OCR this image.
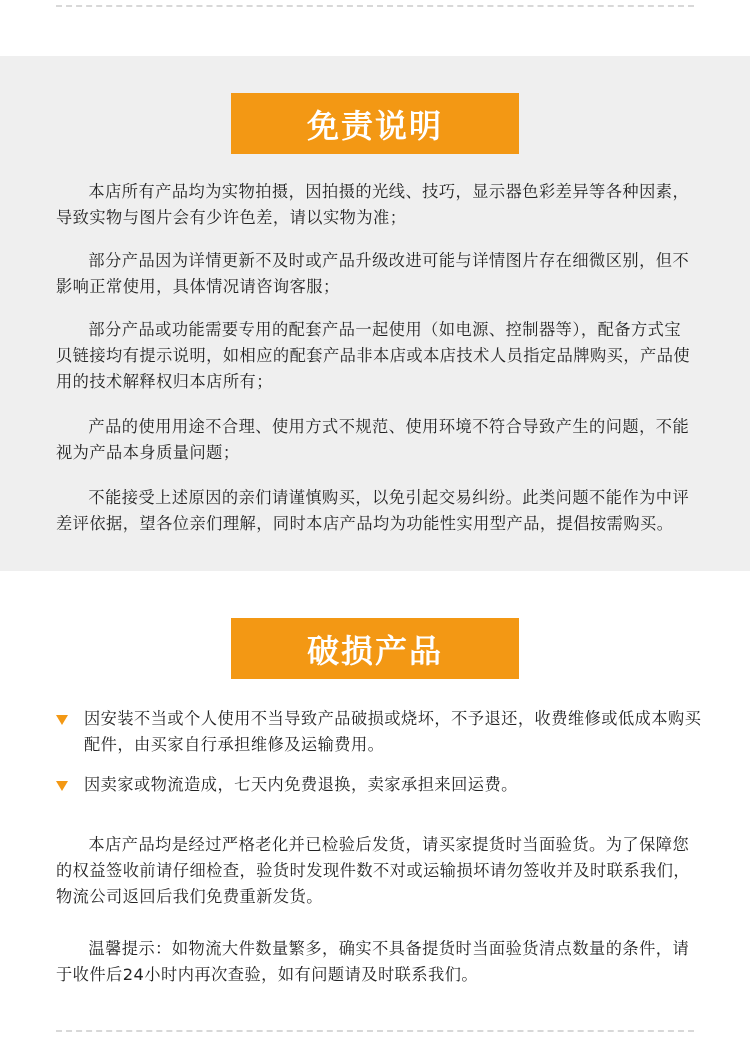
免责说明

本店所有产品均为实物拍摄，因拍摄的光线、技巧，显示器色彩差异等各种因素，导致实物与图片会有少许色差，请以实物为准；

部分产品因为详情更新不及时或产品升级改进可能与详情图片存在细微区别，但不影响正常使用，具体情况请咨询客服；

部分产品或功能需要专用的配套产品一起使用（如电源、控制器等），配备方式宝贝链接均有提示说明，如相应的配套产品非本店或本店技术人员指定品牌购买，产品使用的技术解释权归本店所有；

产品的使用用途不合理、使用方式不规范、使用环境不符合导致产生的问题，不能视为产品本身质量问题；

不能接受上述原因的亲们请谨慎购买，以免引起交易纠纷。此类问题不能作为中评差评依据，望各位亲们理解，同时本店产品均为功能性实用型产品，提倡按需购买。

破损产品
因安装不当或个人使用不当导致产品破损或烧坏，不予退还，收费维修或低成本购买配件，由买家自行承担维修及运输费用。
因卖家或物流造成，七天内免费退换，卖家承担来回运费。

本店产品均是经过严格老化并已检验后发货，请买家提货时当面验货。为了保障您的权益签收前请仔细检查，验货时发现件数不对或运输损坏请勿签收并及时联系我们，物流公司返回后我们免费重新发货。

温馨提示：如物流大件数量繁多，确实不具备提货时当面验货清点数量的条件，请于收件后24小时内再次查验，如有问题请及时联系我们。
